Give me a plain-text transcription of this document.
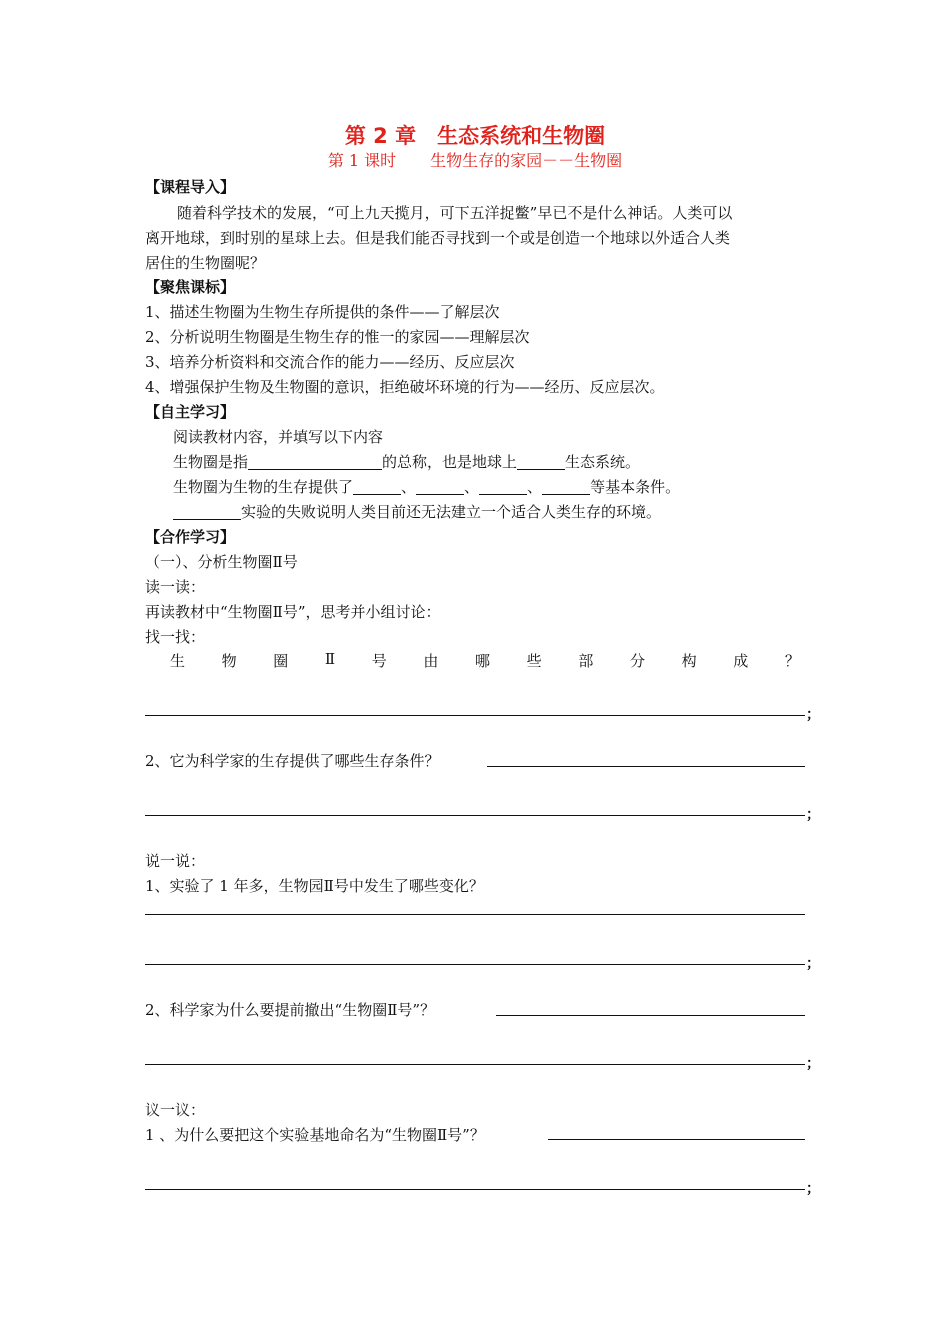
第 2 章　生态系统和生物圈
第 1 课时 生物生存的家园－－生物圈
【课程导入】
随着科学技术的发展，“可上九天揽月，可下五洋捉鳖”早已不是什么神话。人类可以
离开地球，到时别的星球上去。但是我们能否寻找到一个或是创造一个地球以外适合人类
居住的生物圈呢？
【聚焦课标】
1、描述生物圈为生物生存所提供的条件——了解层次
2、分析说明生物圈是生物生存的惟一的家园——理解层次
3、培养分析资料和交流合作的能力——经历、反应层次
4、增强保护生物及生物圈的意识，拒绝破坏环境的行为——经历、反应层次。
【自主学习】
阅读教材内容，并填写以下内容
生物圈是指	的总称，也是地球上	生态系统。
生物圈为生物的生存提供了	、	、	、	等基本条件。
实验的失败说明人类目前还无法建立一个适合人类生存的环境。
【合作学习】
（一）、分析生物圈Ⅱ号
读一读：
再读教材中“生物圈Ⅱ号”，思考并小组讨论：
找一找：
生 物 圈 Ⅱ 号 由 哪 些 部 分 构 成 ？
；
2、它为科学家的生存提供了哪些生存条件？
；
说一说：
1、实验了 1 年多，生物园Ⅱ号中发生了哪些变化？
；
2、科学家为什么要提前撤出“生物圈Ⅱ号”？
；
议一议：
1 、为什么要把这个实验基地命名为“生物圈Ⅱ号”？
；
